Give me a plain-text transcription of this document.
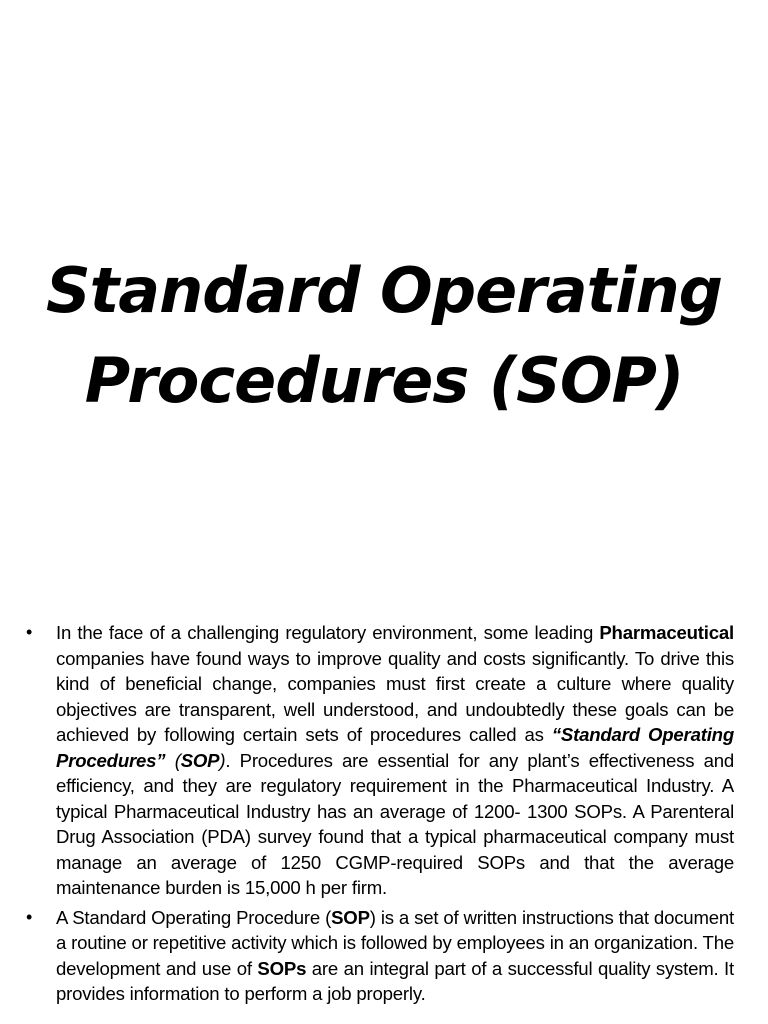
Standard Operating
Procedures (SOP)
• In the face of a challenging regulatory environment, some leading Pharmaceutical companies have found ways to improve quality and costs significantly. To drive this kind of beneficial change, companies must first create a culture where quality objectives are transparent, well understood, and undoubtedly these goals can be achieved by following certain sets of procedures called as “Standard Operating Procedures” (SOP). Procedures are essential for any plant’s effectiveness and efficiency, and they are regulatory requirement in the Pharmaceutical Industry. A typical Pharmaceutical Industry has an average of 1200- 1300 SOPs. A Parenteral Drug Association (PDA) survey found that a typical pharmaceutical company must manage an average of 1250 CGMP-required SOPs and that the average maintenance burden is 15,000 h per firm.

• A Standard Operating Procedure (SOP) is a set of written instructions that document a routine or repetitive activity which is followed by employees in an organization. The development and use of SOPs are an integral part of a successful quality system. It provides information to perform a job properly.
